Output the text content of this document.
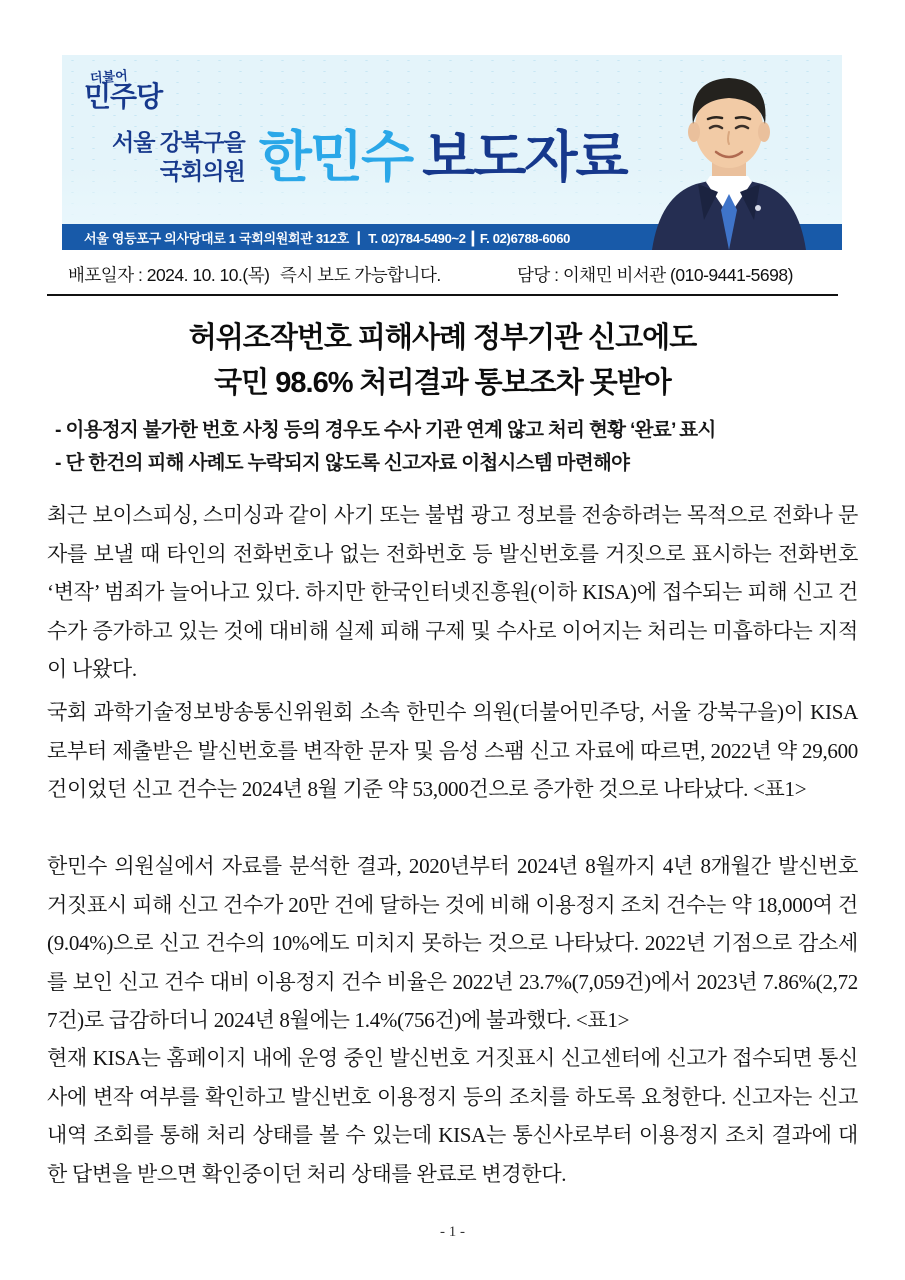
더불어
민주당
서울 강북구을
국회의원 한민수 보도자료
서울 영등포구 의사당대로 1 국회의원회관 312호 ┃ T. 02)784-5490~2 ┃ F. 02)6788-6060
배포일자 : 2024. 10. 10.(목) 즉시 보도 가능합니다.	담당 : 이채민 비서관 (010-9441-5698)
허위조작번호 피해사례 정부기관 신고에도
국민 98.6% 처리결과 통보조차 못받아
- 이용정지 불가한 번호 사칭 등의 경우도 수사 기관 연계 않고 처리 현황 ‘완료’ 표시
- 단 한건의 피해 사례도 누락되지 않도록 신고자료 이첩시스템 마련해야
최근 보이스피싱, 스미싱과 같이 사기 또는 불법 광고 정보를 전송하려는 목적으로 전화나 문자를 보낼 때 타인의 전화번호나 없는 전화번호 등 발신번호를 거짓으로 표시하는 전화번호 ‘변작’ 범죄가 늘어나고 있다. 하지만 한국인터넷진흥원(이하 KISA)에 접수되는 피해 신고 건수가 증가하고 있는 것에 대비해 실제 피해 구제 및 수사로 이어지는 처리는 미흡하다는 지적이 나왔다.
국회 과학기술정보방송통신위원회 소속 한민수 의원(더불어민주당, 서울 강북구을)이 KISA로부터 제출받은 발신번호를 변작한 문자 및 음성 스팸 신고 자료에 따르면, 2022년 약 29,600건이었던 신고 건수는 2024년 8월 기준 약 53,000건으로 증가한 것으로 나타났다. <표1>
한민수 의원실에서 자료를 분석한 결과, 2020년부터 2024년 8월까지 4년 8개월간 발신번호 거짓표시 피해 신고 건수가 20만 건에 달하는 것에 비해 이용정지 조치 건수는 약 18,000여 건(9.04%)으로 신고 건수의 10%에도 미치지 못하는 것으로 나타났다. 2022년 기점으로 감소세를 보인 신고 건수 대비 이용정지 건수 비율은 2022년 23.7%(7,059건)에서 2023년 7.86%(2,727건)로 급감하더니 2024년 8월에는 1.4%(756건)에 불과했다. <표1>
현재 KISA는 홈페이지 내에 운영 중인 발신번호 거짓표시 신고센터에 신고가 접수되면 통신사에 변작 여부를 확인하고 발신번호 이용정지 등의 조치를 하도록 요청한다. 신고자는 신고 내역 조회를 통해 처리 상태를 볼 수 있는데 KISA는 통신사로부터 이용정지 조치 결과에 대한 답변을 받으면 확인중이던 처리 상태를 완료로 변경한다.
- 1 -
